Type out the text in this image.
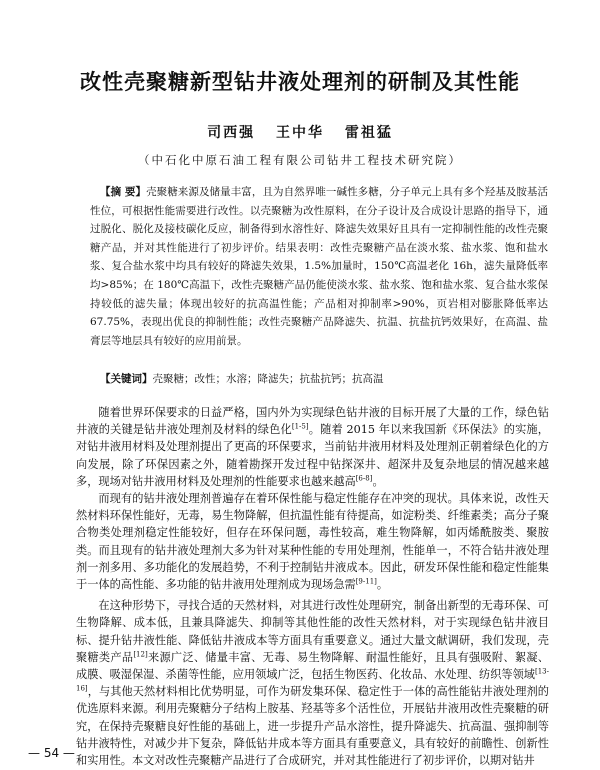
改性壳聚糖新型钻井液处理剂的研制及其性能
司西强 王中华 雷祖猛
（中石化中原石油工程有限公司钻井工程技术研究院）
【摘 要】壳聚糖来源及储量丰富，且为自然界唯一碱性多糖，分子单元上具有多个羟基及胺基活性位，可根据性能需要进行改性。以壳聚糖为改性原料，在分子设计及合成设计思路的指导下，通过脱化、脱化及接枝碳化反应，制备得到水溶性好、降滤失效果好且具有一定抑制性能的改性壳聚糖产品，并对其性能进行了初步评价。结果表明：改性壳聚糖产品在淡水浆、盐水浆、饱和盐水浆、复合盐水浆中均具有较好的降滤失效果，1.5%加量时，150℃高温老化 16h，滤失量降低率均>85%；在 180℃高温下，改性壳聚糖产品仍能使淡水浆、盐水浆、饱和盐水浆、复合盐水浆保持较低的滤失量；体现出较好的抗高温性能；产品相对抑制率>90%，页岩相对膨胀降低率达 67.75%，表现出优良的抑制性能；改性壳聚糖产品降滤失、抗温、抗盐抗钙效果好，在高温、盐膏层等地层具有较好的应用前景。
【关键词】壳聚糖；改性；水溶；降滤失；抗盐抗钙；抗高温

随着世界环保要求的日益严格，国内外为实现绿色钻井液的目标开展了大量的工作，绿色钻井液的关键是钻井液处理剂及材料的绿色化[1-5]。随着 2015 年以来我国新《环保法》的实施，对钻井液用材料及处理剂提出了更高的环保要求，当前钻井液用材料及处理剂正朝着绿色化的方向发展，除了环保因素之外，随着勘探开发过程中钻探深井、超深井及复杂地层的情况越来越多，现场对钻井液用材料及处理剂的性能要求也越来越高[6-8]。

而现有的钻井液处理剂普遍存在着环保性能与稳定性能存在冲突的现状。具体来说，改性天然材料环保性能好，无毒，易生物降解，但抗温性能有待提高，如淀粉类、纤维素类；高分子聚合物类处理剂稳定性能较好，但存在环保问题，毒性较高，难生物降解，如丙烯酰胺类、聚胺类。而且现有的钻井液处理剂大多为针对某种性能的专用处理剂，性能单一，不符合钻井液处理剂一剂多用、多功能化的发展趋势，不利于控制钻井液成本。因此，研发环保性能和稳定性能集于一体的高性能、多功能的钻井液用处理剂成为现场急需[9-11]。

在这种形势下，寻找合适的天然材料，对其进行改性处理研究，制备出新型的无毒环保、可生物降解、成本低，且兼具降滤失、抑制等其他性能的改性天然材料，对于实现绿色钻井液目标、提升钻井液性能、降低钻井液成本等方面具有重要意义。通过大量文献调研，我们发现，壳聚糖类产品[12]来源广泛、储量丰富、无毒、易生物降解、耐温性能好，且具有强吸附、絮凝、成膜、吸湿保湿、杀菌等性能，应用领域广泛，包括生物医药、化妆品、水处理、纺织等领域[13-16]，与其他天然材料相比优势明显，可作为研发集环保、稳定性于一体的高性能钻井液处理剂的优选原料来源。利用壳聚糖分子结构上胺基、羟基等多个活性位，开展钻井液用改性壳聚糖的研究，在保持壳聚糖良好性能的基础上，进一步提升产品水溶性，提升降滤失、抗高温、强抑制等钻井液特性，对减少井下复杂，降低钻井成本等方面具有重要意义，具有较好的前瞻性、创新性和实用性。本文对改性壳聚糖产品进行了合成研究，并对其性能进行了初步评价，以期对钻井

— 54 —
